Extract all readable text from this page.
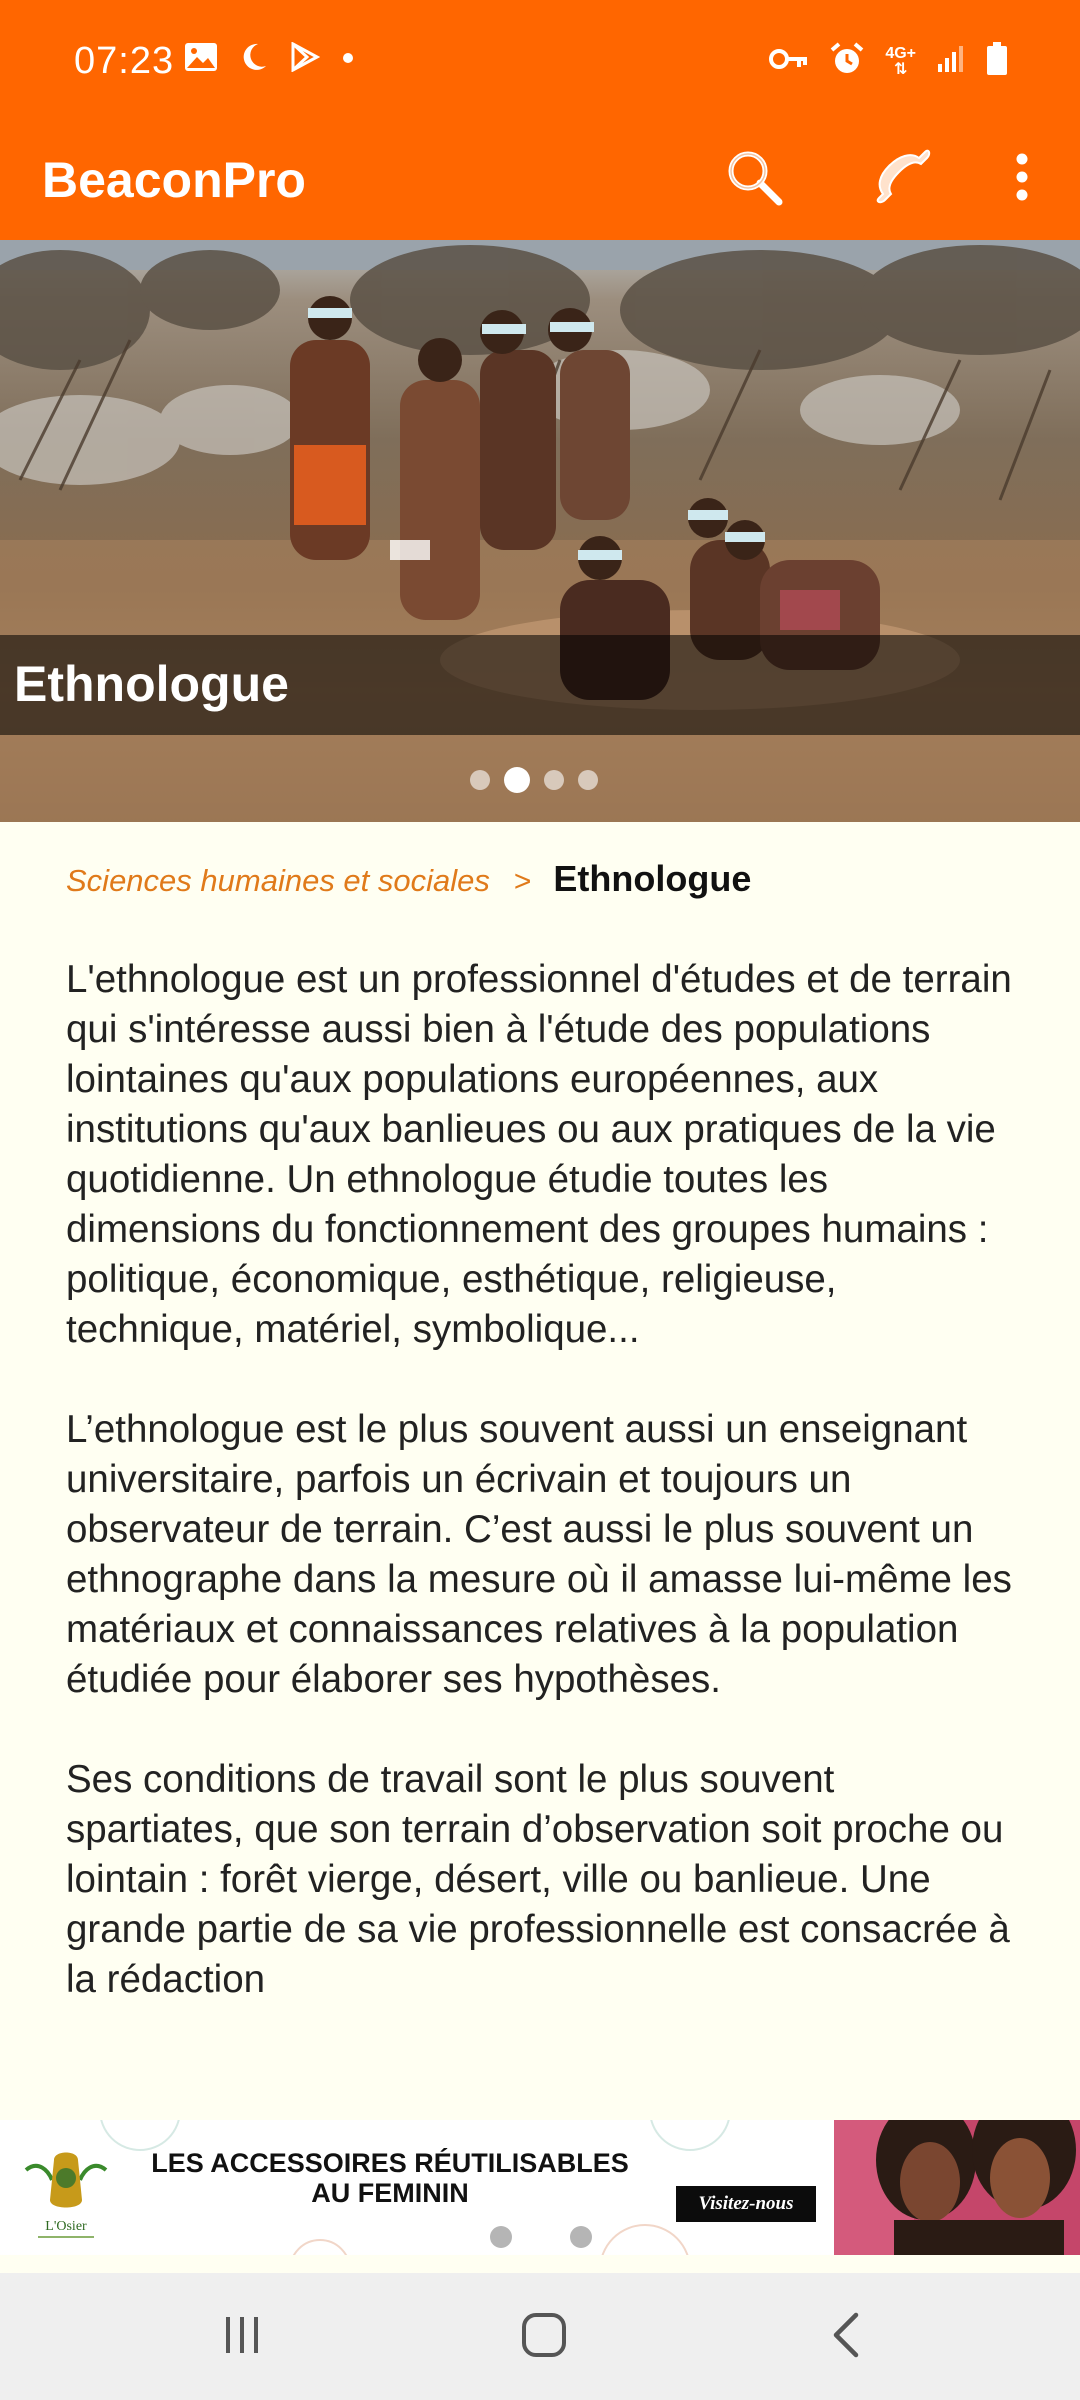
07:23	4G+
⇅
BeaconPro
Ethnologue
Sciences humaines et sociales > Ethnologue

L'ethnologue est un professionnel d'études et de terrain qui s'intéresse aussi bien à l'étude des populations lointaines qu'aux populations européennes, aux institutions qu'aux banlieues ou aux pratiques de la vie quotidienne. Un ethnologue étudie toutes les dimensions du fonctionnement des groupes humains : politique, économique, esthétique, religieuse, technique, matériel, symbolique...

L’ethnologue est le plus souvent aussi un enseignant universitaire, parfois un écrivain et toujours un observateur de terrain. C’est aussi le plus souvent un ethnographe dans la mesure où il amasse lui-même les matériaux et connaissances relatives à la population étudiée pour élaborer ses hypothèses.

Ses conditions de travail sont le plus souvent spartiates, que son terrain d’observation soit proche ou lointain : forêt vierge, désert, ville ou banlieue. Une grande partie de sa vie professionnelle est consacrée à la rédaction

L'Osier
LES ACCESSOIRES RÉUTILISABLES AU FEMININ	Visitez-nous
